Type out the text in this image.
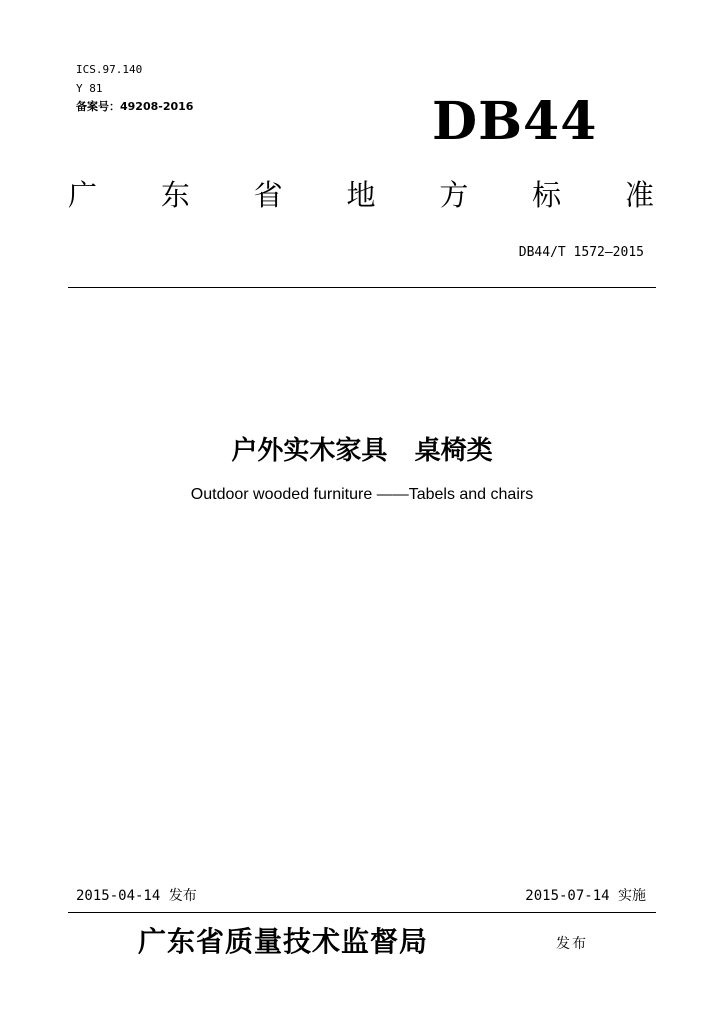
ICS.97.140
Y 81
备案号：49208-2016	DB44
广 东 省 地 方 标 准
DB44/T 1572—2015
户外实木家具   桌椅类
Outdoor wooded furniture ——Tabels and chairs
2015-04-14 发布	2015-07-14 实施
广东省质量技术监督局	发布
